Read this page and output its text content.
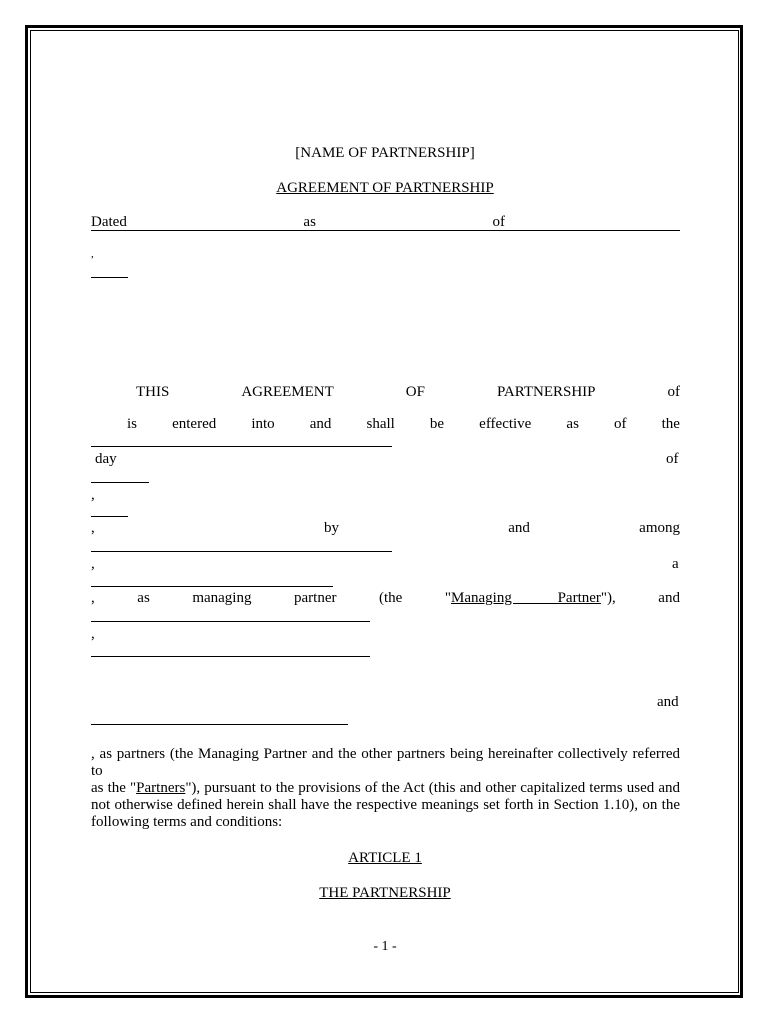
[NAME OF PARTNERSHIP]
AGREEMENT OF PARTNERSHIP
Dated	as	of
,
THIS	AGREEMENT	OF	PARTNERSHIP	of
is entered into and shall be effective as of the
day	of
,
,	by	and	among
,	a
,	as	managing	partner	(the	"Managing Partner"),	and
,
and
, as partners (the Managing Partner and the other partners being hereinafter collectively referred to
as the "Partners"), pursuant to the provisions of the Act (this and other capitalized terms used and
not otherwise defined herein shall have the respective meanings set forth in Section 1.10), on the
following terms and conditions:
ARTICLE 1
THE PARTNERSHIP
- 1 -
